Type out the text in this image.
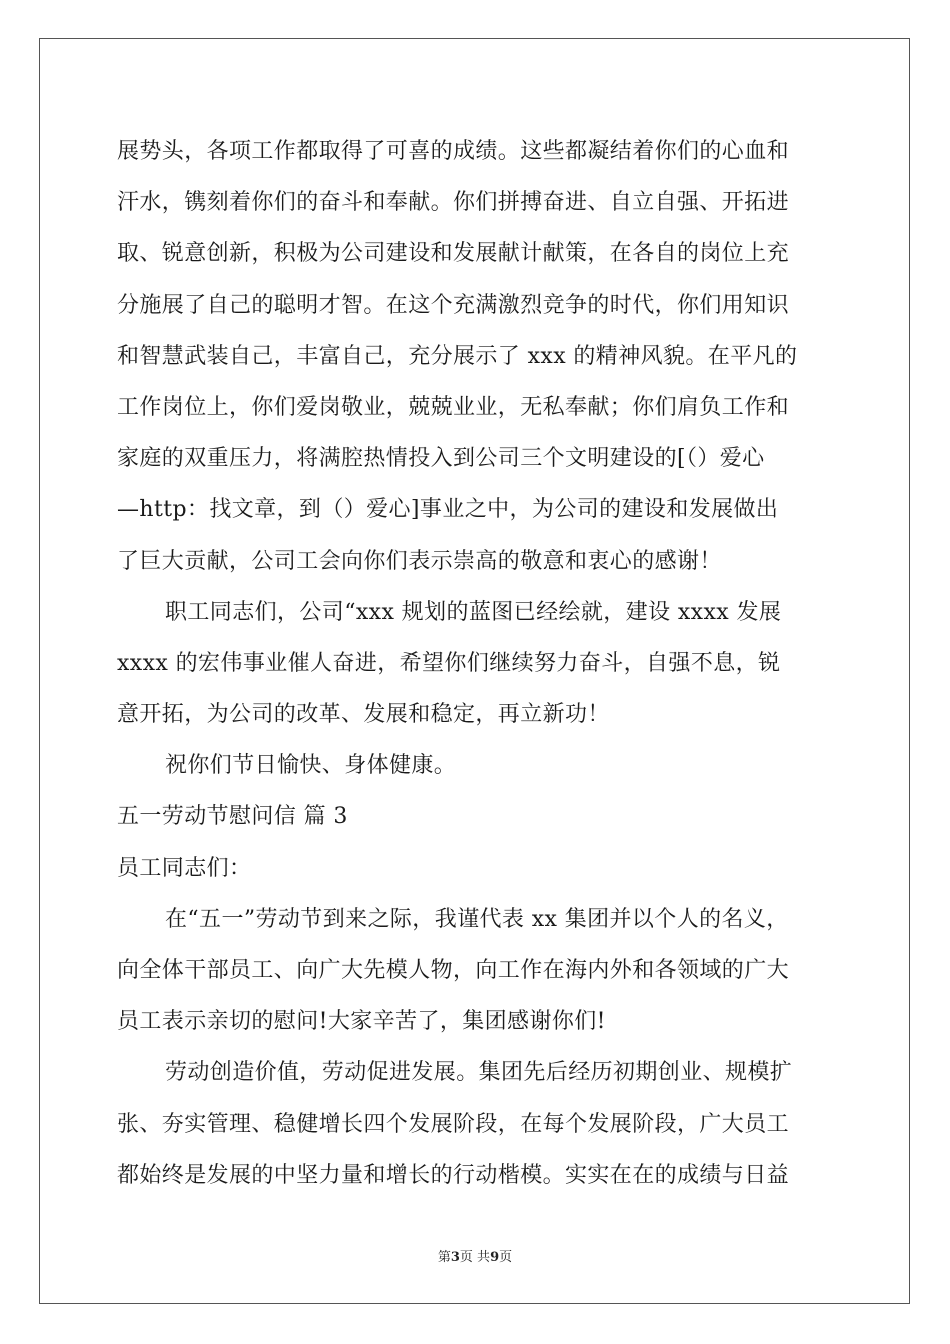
展势头，各项工作都取得了可喜的成绩。这些都凝结着你们的心血和
汗水，镌刻着你们的奋斗和奉献。你们拼搏奋进、自立自强、开拓进
取、锐意创新，积极为公司建设和发展献计献策，在各自的岗位上充
分施展了自己的聪明才智。在这个充满激烈竞争的时代，你们用知识
和智慧武装自己，丰富自己，充分展示了 xxx 的精神风貌。在平凡的
工作岗位上，你们爱岗敬业，兢兢业业，无私奉献；你们肩负工作和
家庭的双重压力，将满腔热情投入到公司三个文明建设的[（）爱心
—http：找文章，到（）爱心]事业之中，为公司的建设和发展做出
了巨大贡献，公司工会向你们表示崇高的敬意和衷心的感谢！
职工同志们，公司“xxx 规划的蓝图已经绘就，建设 xxxx 发展
xxxx 的宏伟事业催人奋进，希望你们继续努力奋斗，自强不息，锐
意开拓，为公司的改革、发展和稳定，再立新功！
祝你们节日愉快、身体健康。
五一劳动节慰问信 篇 3
员工同志们：
在“五一”劳动节到来之际，我谨代表 xx 集团并以个人的名义，
向全体干部员工、向广大先模人物，向工作在海内外和各领域的广大
员工表示亲切的慰问!大家辛苦了，集团感谢你们!
劳动创造价值，劳动促进发展。集团先后经历初期创业、规模扩
张、夯实管理、稳健增长四个发展阶段，在每个发展阶段，广大员工
都始终是发展的中坚力量和增长的行动楷模。实实在在的成绩与日益
第3页 共9页
